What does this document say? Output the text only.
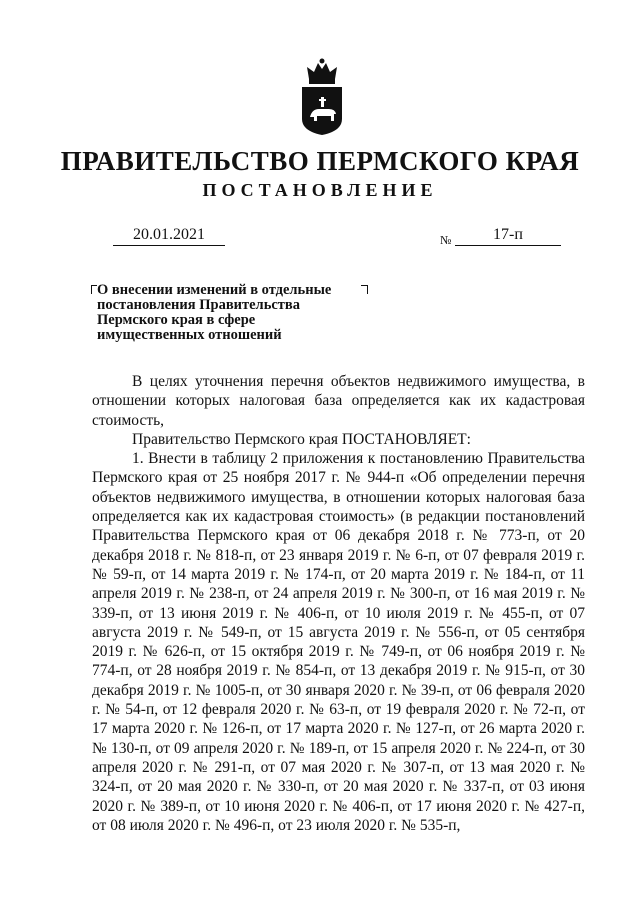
ПРАВИТЕЛЬСТВО ПЕРМСКОГО КРАЯ
ПОСТАНОВЛЕНИЕ
20.01.2021	№	17-п
О внесении изменений в отдельные
постановления Правительства
Пермского края в сфере
имущественных отношений

В целях уточнения перечня объектов недвижимого имущества, в отношении которых налоговая база определяется как их кадастровая стоимость,

Правительство Пермского края ПОСТАНОВЛЯЕТ:

1. Внести в таблицу 2 приложения к постановлению Правительства Пермского края от 25 ноября 2017 г. № 944-п «Об определении перечня объектов недвижимого имущества, в отношении которых налоговая база определяется как их кадастровая стоимость» (в редакции постановлений Правительства Пермского края от 06 декабря 2018 г. № 773-п, от 20 декабря 2018 г. № 818-п, от 23 января 2019 г. № 6-п, от 07 февраля 2019 г. № 59-п, от 14 марта 2019 г. № 174-п, от 20 марта 2019 г. № 184-п, от 11 апреля 2019 г. № 238-п, от 24 апреля 2019 г. № 300-п, от 16 мая 2019 г. № 339-п, от 13 июня 2019 г. № 406-п, от 10 июля 2019 г. № 455-п, от 07 августа 2019 г. № 549-п, от 15 августа 2019 г. № 556-п, от 05 сентября 2019 г. № 626-п, от 15 октября 2019 г. № 749-п, от 06 ноября 2019 г. № 774-п, от 28 ноября 2019 г. № 854-п, от 13 декабря 2019 г. № 915-п, от 30 декабря 2019 г. № 1005-п, от 30 января 2020 г. № 39-п, от 06 февраля 2020 г. № 54-п, от 12 февраля 2020 г. № 63-п, от 19 февраля 2020 г. № 72-п, от 17 марта 2020 г. № 126-п, от 17 марта 2020 г. № 127-п, от 26 марта 2020 г. № 130-п, от 09 апреля 2020 г. № 189-п, от 15 апреля 2020 г. № 224-п, от 30 апреля 2020 г. № 291-п, от 07 мая 2020 г. № 307-п, от 13 мая 2020 г. № 324-п, от 20 мая 2020 г. № 330-п, от 20 мая 2020 г. № 337-п, от 03 июня 2020 г. № 389-п, от 10 июня 2020 г. № 406-п, от 17 июня 2020 г. № 427-п, от 08 июля 2020 г. № 496-п, от 23 июля 2020 г. № 535-п,
